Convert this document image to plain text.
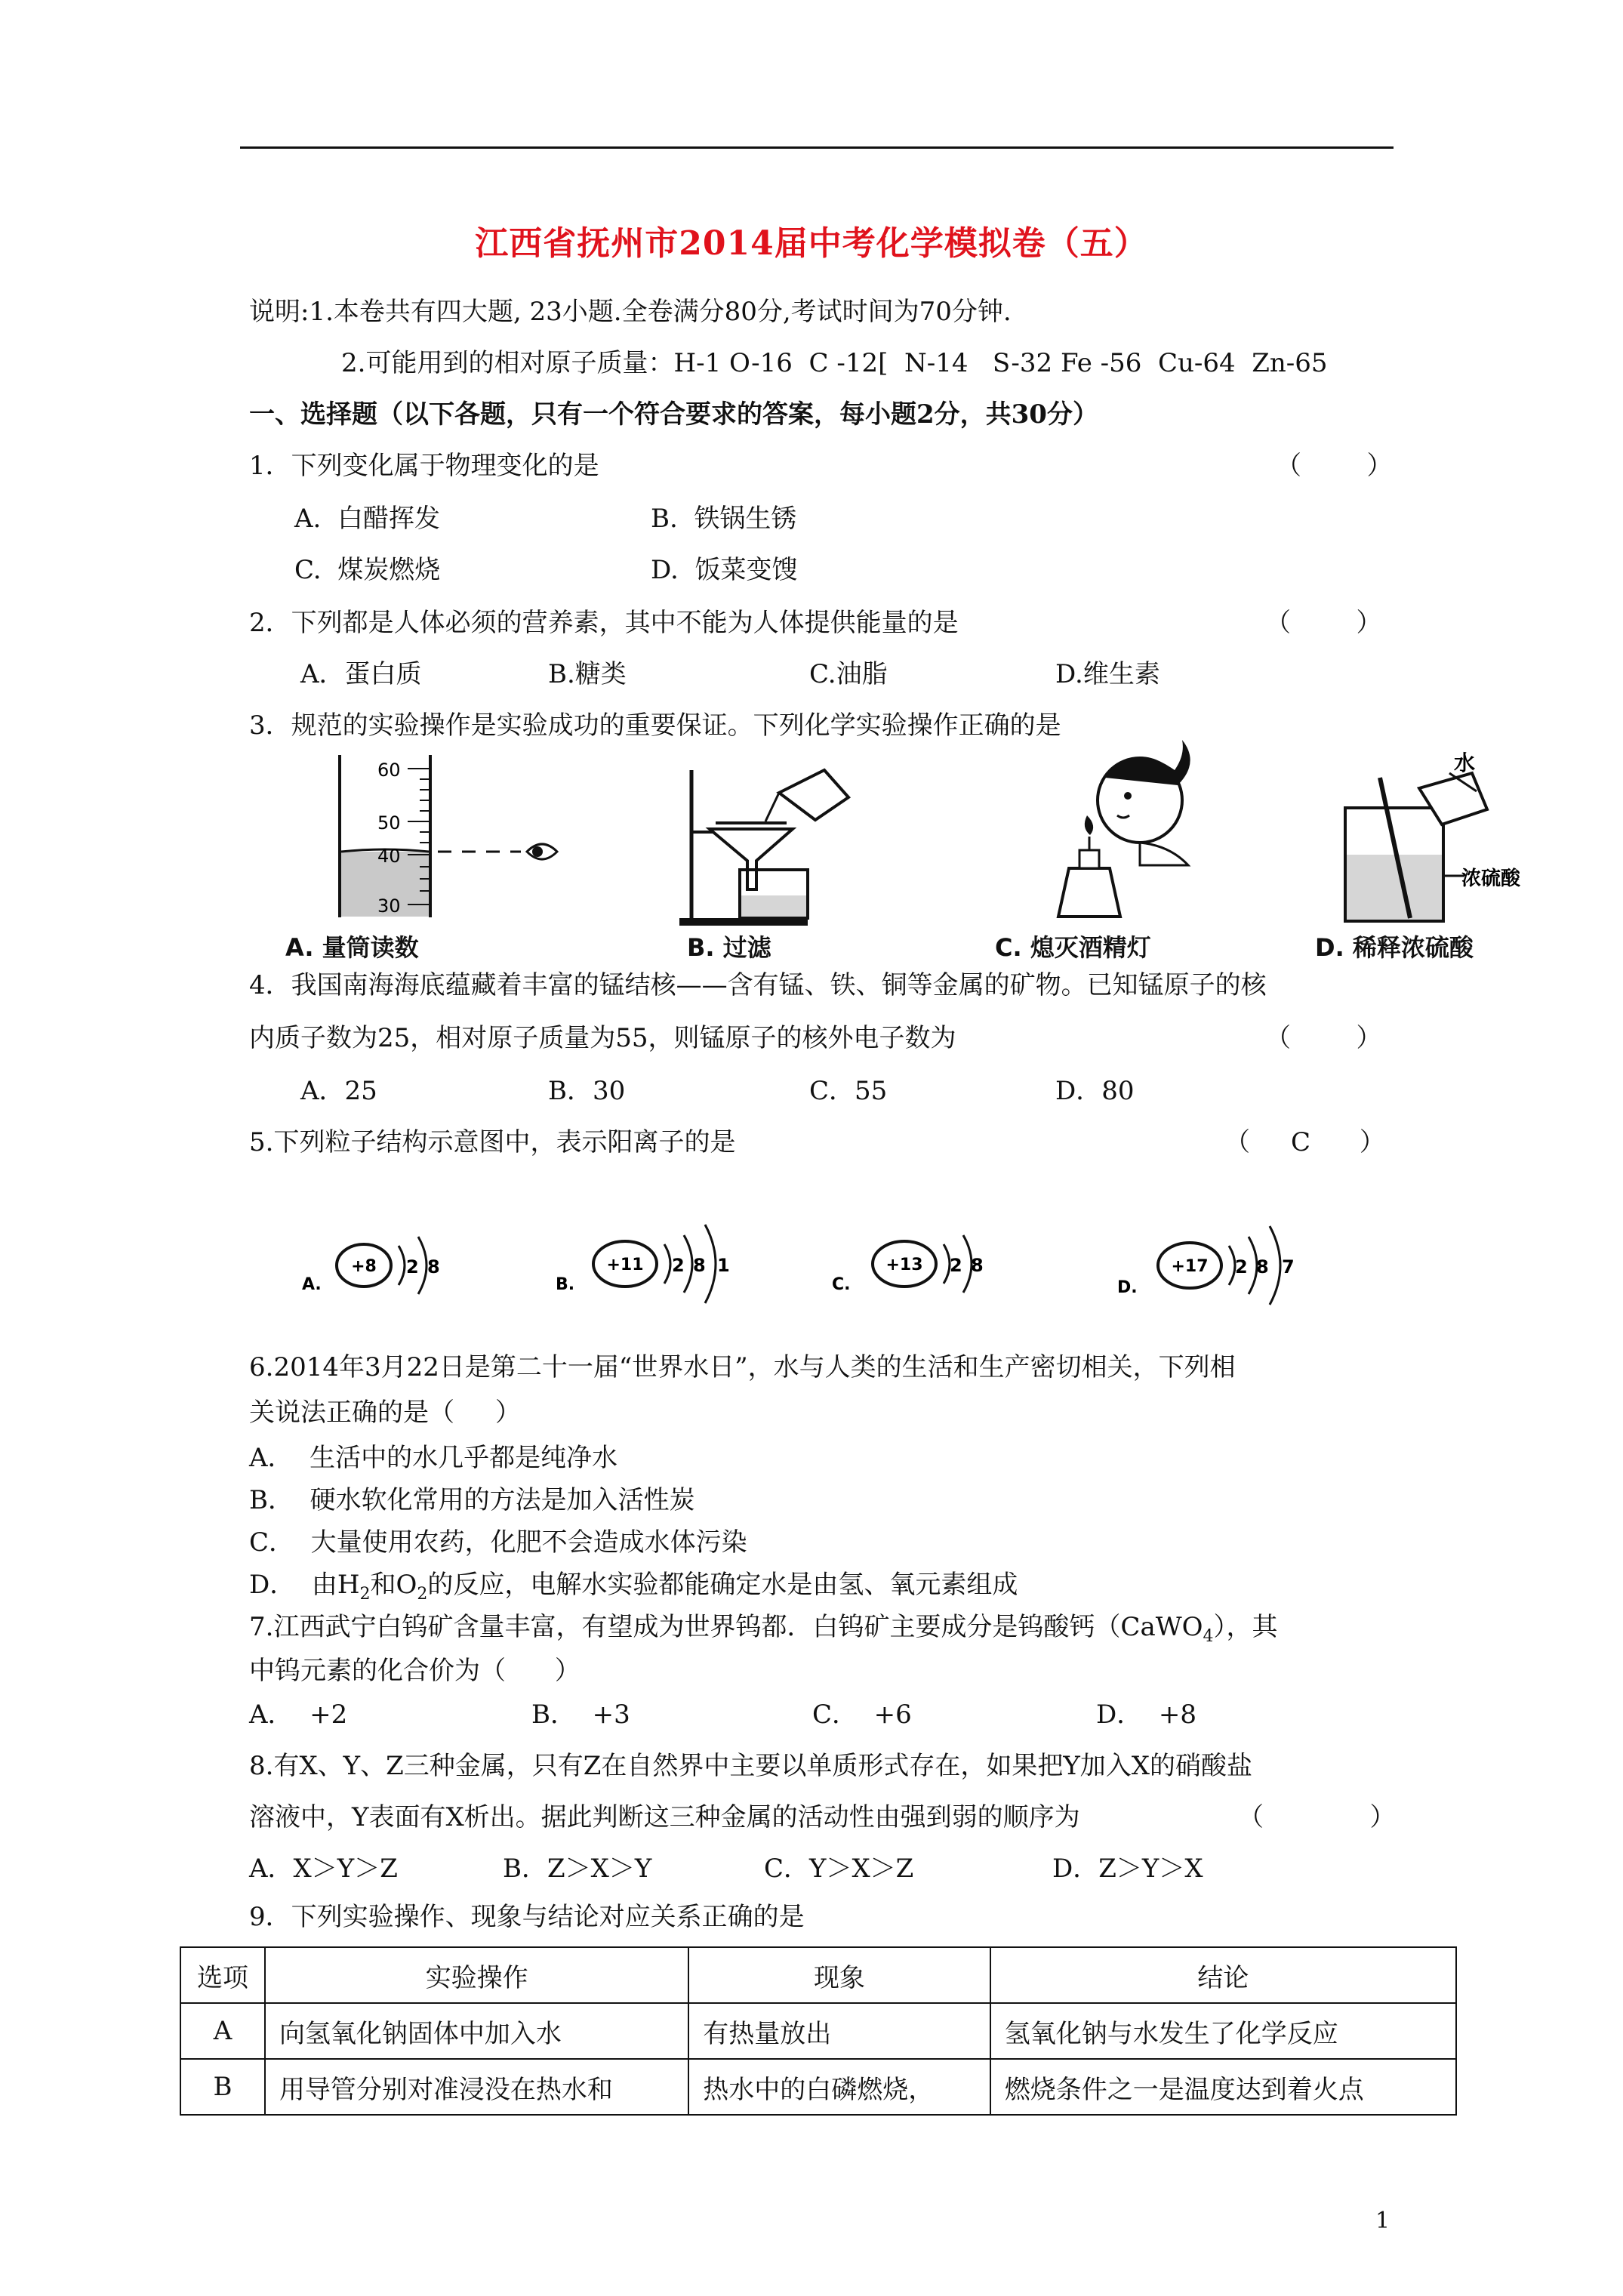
江西省抚州市2014届中考化学模拟卷（五）
说明:1.本卷共有四大题, 23小题.全卷满分80分,考试时间为70分钟.
2.可能用到的相对原子质量：H-1 O-16  C -12[  N-14   S-32 Fe -56  Cu-64  Zn-65
一、选择题（以下各题，只有一个符合要求的答案，每小题2分，共30分）
1．下列变化属于物理变化的是	（        ）
A.  白醋挥发	B.  铁锅生锈
C.  煤炭燃烧	D.  饭菜变馊
2．下列都是人体必须的营养素，其中不能为人体提供能量的是	（        ）
A．蛋白质	B.糖类	C.油脂	D.维生素
3．规范的实验操作是实验成功的重要保证。下列化学实验操作正确的是
60
50
40
30
A. 量筒读数	B. 过滤	C. 熄灭酒精灯
水
浓硫酸
D. 稀释浓硫酸
4．我国南海海底蕴藏着丰富的锰结核——含有锰、铁、铜等金属的矿物。已知锰原子的核
内质子数为25，相对原子质量为55，则锰原子的核外电子数为	（        ）
A．25	B．30	C．55	D．80
5.下列粒子结构示意图中，表示阳离子的是	（     C      ）
A.
+8 2 8
B.
+11 2 8 1
C.
+13 2 8
D.
+17 2 8 7
6.2014年3月22日是第二十一届“世界水日”，水与人类的生活和生产密切相关，下列相
关说法正确的是（     ）
A．  生活中的水几乎都是纯净水
B．  硬水软化常用的方法是加入活性炭
C．  大量使用农药，化肥不会造成水体污染
D．  由$H_2$和$O_2$的反应，电解水实验都能确定水是由氢、氧元素组成
7.江西武宁白钨矿含量丰富，有望成为世界钨都．白钨矿主要成分是钨酸钙（CaWO$_4$），其
中钨元素的化合价为（      ）
A．  +2	B．  +3	C．  +6	D．  +8
8.有X、Y、Z三种金属，只有Z在自然界中主要以单质形式存在，如果把Y加入X的硝酸盐
溶液中，Y表面有X析出。据此判断这三种金属的活动性由强到弱的顺序为	（             ）
A．X＞Y＞Z	B．Z＞X＞Y	C．Y＞X＞Z	D．Z＞Y＞X
9．下列实验操作、现象与结论对应关系正确的是
选项	实验操作	现象	结论
A	向氢氧化钠固体中加入水	有热量放出	氢氧化钠与水发生了化学反应
B	用导管分别对准浸没在热水和	热水中的白磷燃烧，	燃烧条件之一是温度达到着火点
1
